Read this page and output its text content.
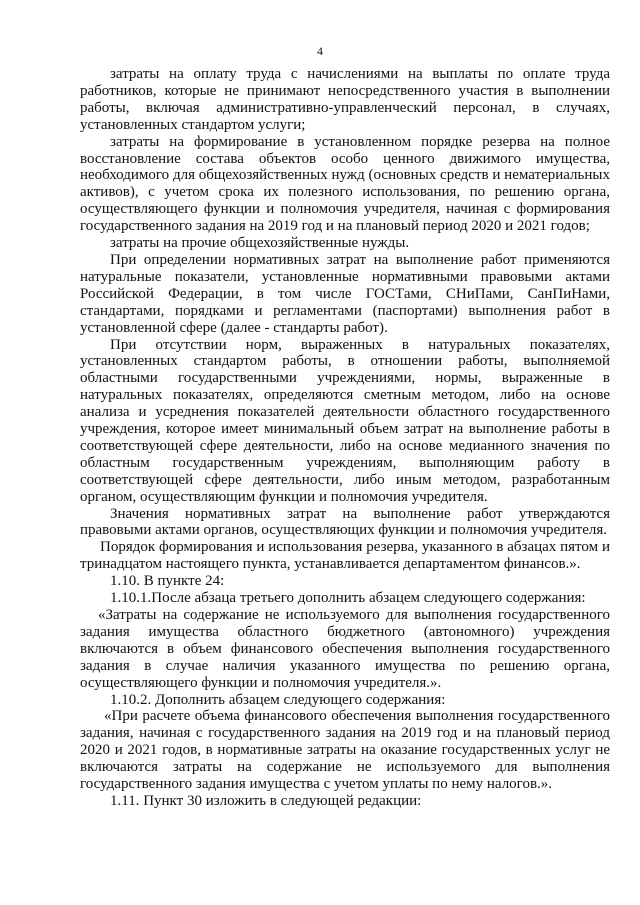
4

затраты на оплату труда с начислениями на выплаты по оплате труда работников, которые не принимают непосредственного участия в выполнении работы, включая административно-управленческий персонал, в случаях, установленных стандартом услуги;

затраты на формирование в установленном порядке резерва на полное восстановление состава объектов особо ценного движимого имущества, необходимого для общехозяйственных нужд (основных средств и нематериальных активов), с учетом срока их полезного использования, по решению органа, осуществляющего функции и полномочия учредителя, начиная с формирования государственного задания на 2019 год и на плановый период 2020 и 2021 годов;

затраты на прочие общехозяйственные нужды.

При определении нормативных затрат на выполнение работ применяются натуральные показатели, установленные нормативными правовыми актами Российской Федерации, в том числе ГОСТами, СНиПами, СанПиНами, стандартами, порядками и регламентами (паспортами) выполнения работ в установленной сфере (далее - стандарты работ).

При отсутствии норм, выраженных в натуральных показателях, установленных стандартом работы, в отношении работы, выполняемой областными государственными учреждениями, нормы, выраженные в натуральных показателях, определяются сметным методом, либо на основе анализа и усреднения показателей деятельности областного государственного учреждения, которое имеет минимальный объем затрат на выполнение работы в соответствующей сфере деятельности, либо на основе медианного значения по областным государственным учреждениям, выполняющим работу в соответствующей сфере деятельности, либо иным методом, разработанным органом, осуществляющим функции и полномочия учредителя.

Значения нормативных затрат на выполнение работ утверждаются правовыми актами органов, осуществляющих функции и полномочия учредителя.

Порядок формирования и использования резерва, указанного в абзацах пятом и тринадцатом настоящего пункта, устанавливается департаментом финансов.».

1.10. В пункте 24:

1.10.1.После абзаца третьего дополнить абзацем следующего содержания:

«Затраты на содержание не используемого для выполнения государственного задания имущества областного бюджетного (автономного) учреждения включаются в объем финансового обеспечения выполнения государственного задания в случае наличия указанного имущества по решению органа, осуществляющего функции и полномочия учредителя.».

1.10.2. Дополнить абзацем следующего содержания:

«При расчете объема финансового обеспечения выполнения государственного задания, начиная с государственного задания на 2019 год и на плановый период 2020 и 2021 годов, в нормативные затраты на оказание государственных услуг не включаются затраты на содержание не используемого для выполнения государственного задания имущества с учетом уплаты по нему налогов.».

1.11. Пункт 30 изложить в следующей редакции:
